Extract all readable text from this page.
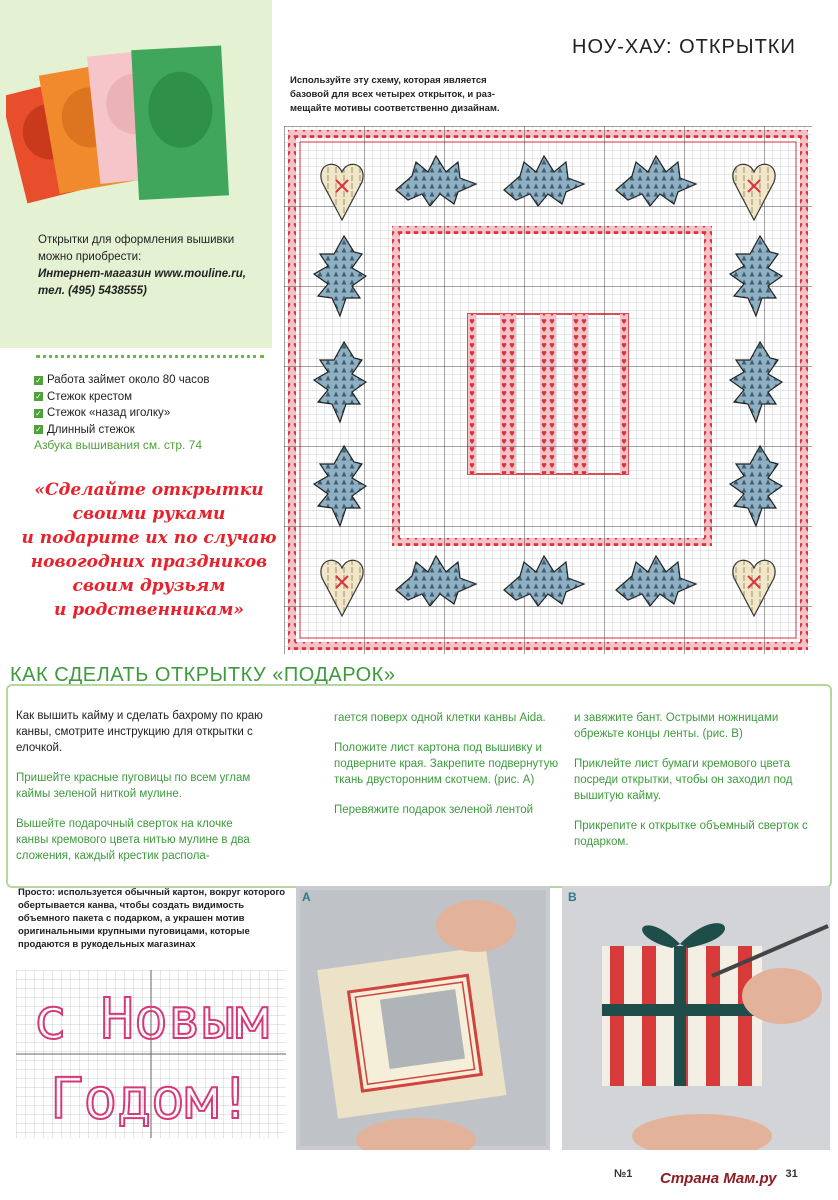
Открытки для оформления вышивки
можно приобрести:
Интернет-магазин www.mouline.ru,
тел. (495) 5438555)
✓ Работа займет около 80 часов
✓ Стежок крестом
✓ Стежок «назад иголку»
✓ Длинный стежок
Азбука вышивания см. стр. 74
«Сделайте открытки
своими руками
и подарите их по случаю
новогодних праздников
своим друзьям
и родственникам»
НОУ-ХАУ: ОТКРЫТКИ
Используйте эту схему, которая является
базовой для всех четырех открыток, и раз-
мещайте мотивы соответственно дизайнам.
КАК СДЕЛАТЬ ОТКРЫТКУ «ПОДАРОК»

Как вышить кайму и сделать бахрому по краю канвы, смотрите инструкцию для открытки с елочкой.

Пришейте красные пуговицы по всем углам каймы зеленой ниткой мулине.

Вышейте подарочный сверток на клочке канвы кремового цвета нитью мулине в два сложения, каждый крестик распола-

гается поверх одной клетки канвы Aida.

Положите лист картона под вышивку и подверните края. Закрепите подвернутую ткань двусторонним скотчем. (рис. А)

Перевяжите подарок зеленой лентой

и завяжите бант. Острыми ножницами обрежьте концы ленты. (рис. В)

Приклейте лист бумаги кремового цвета посреди открытки, чтобы он заходил под вышитую кайму.

Прикрепите к открытке объемный сверток с подарком.

Просто: используется обычный картон, вокруг которого обертывается канва, чтобы создать видимость объемного пакета с подарком, а украшен мотив оригинальными крупными пуговицами, которые продаются в рукодельных магазинах
с Новым
Годом!
A	B
№1	31
Страна Мам.ру
